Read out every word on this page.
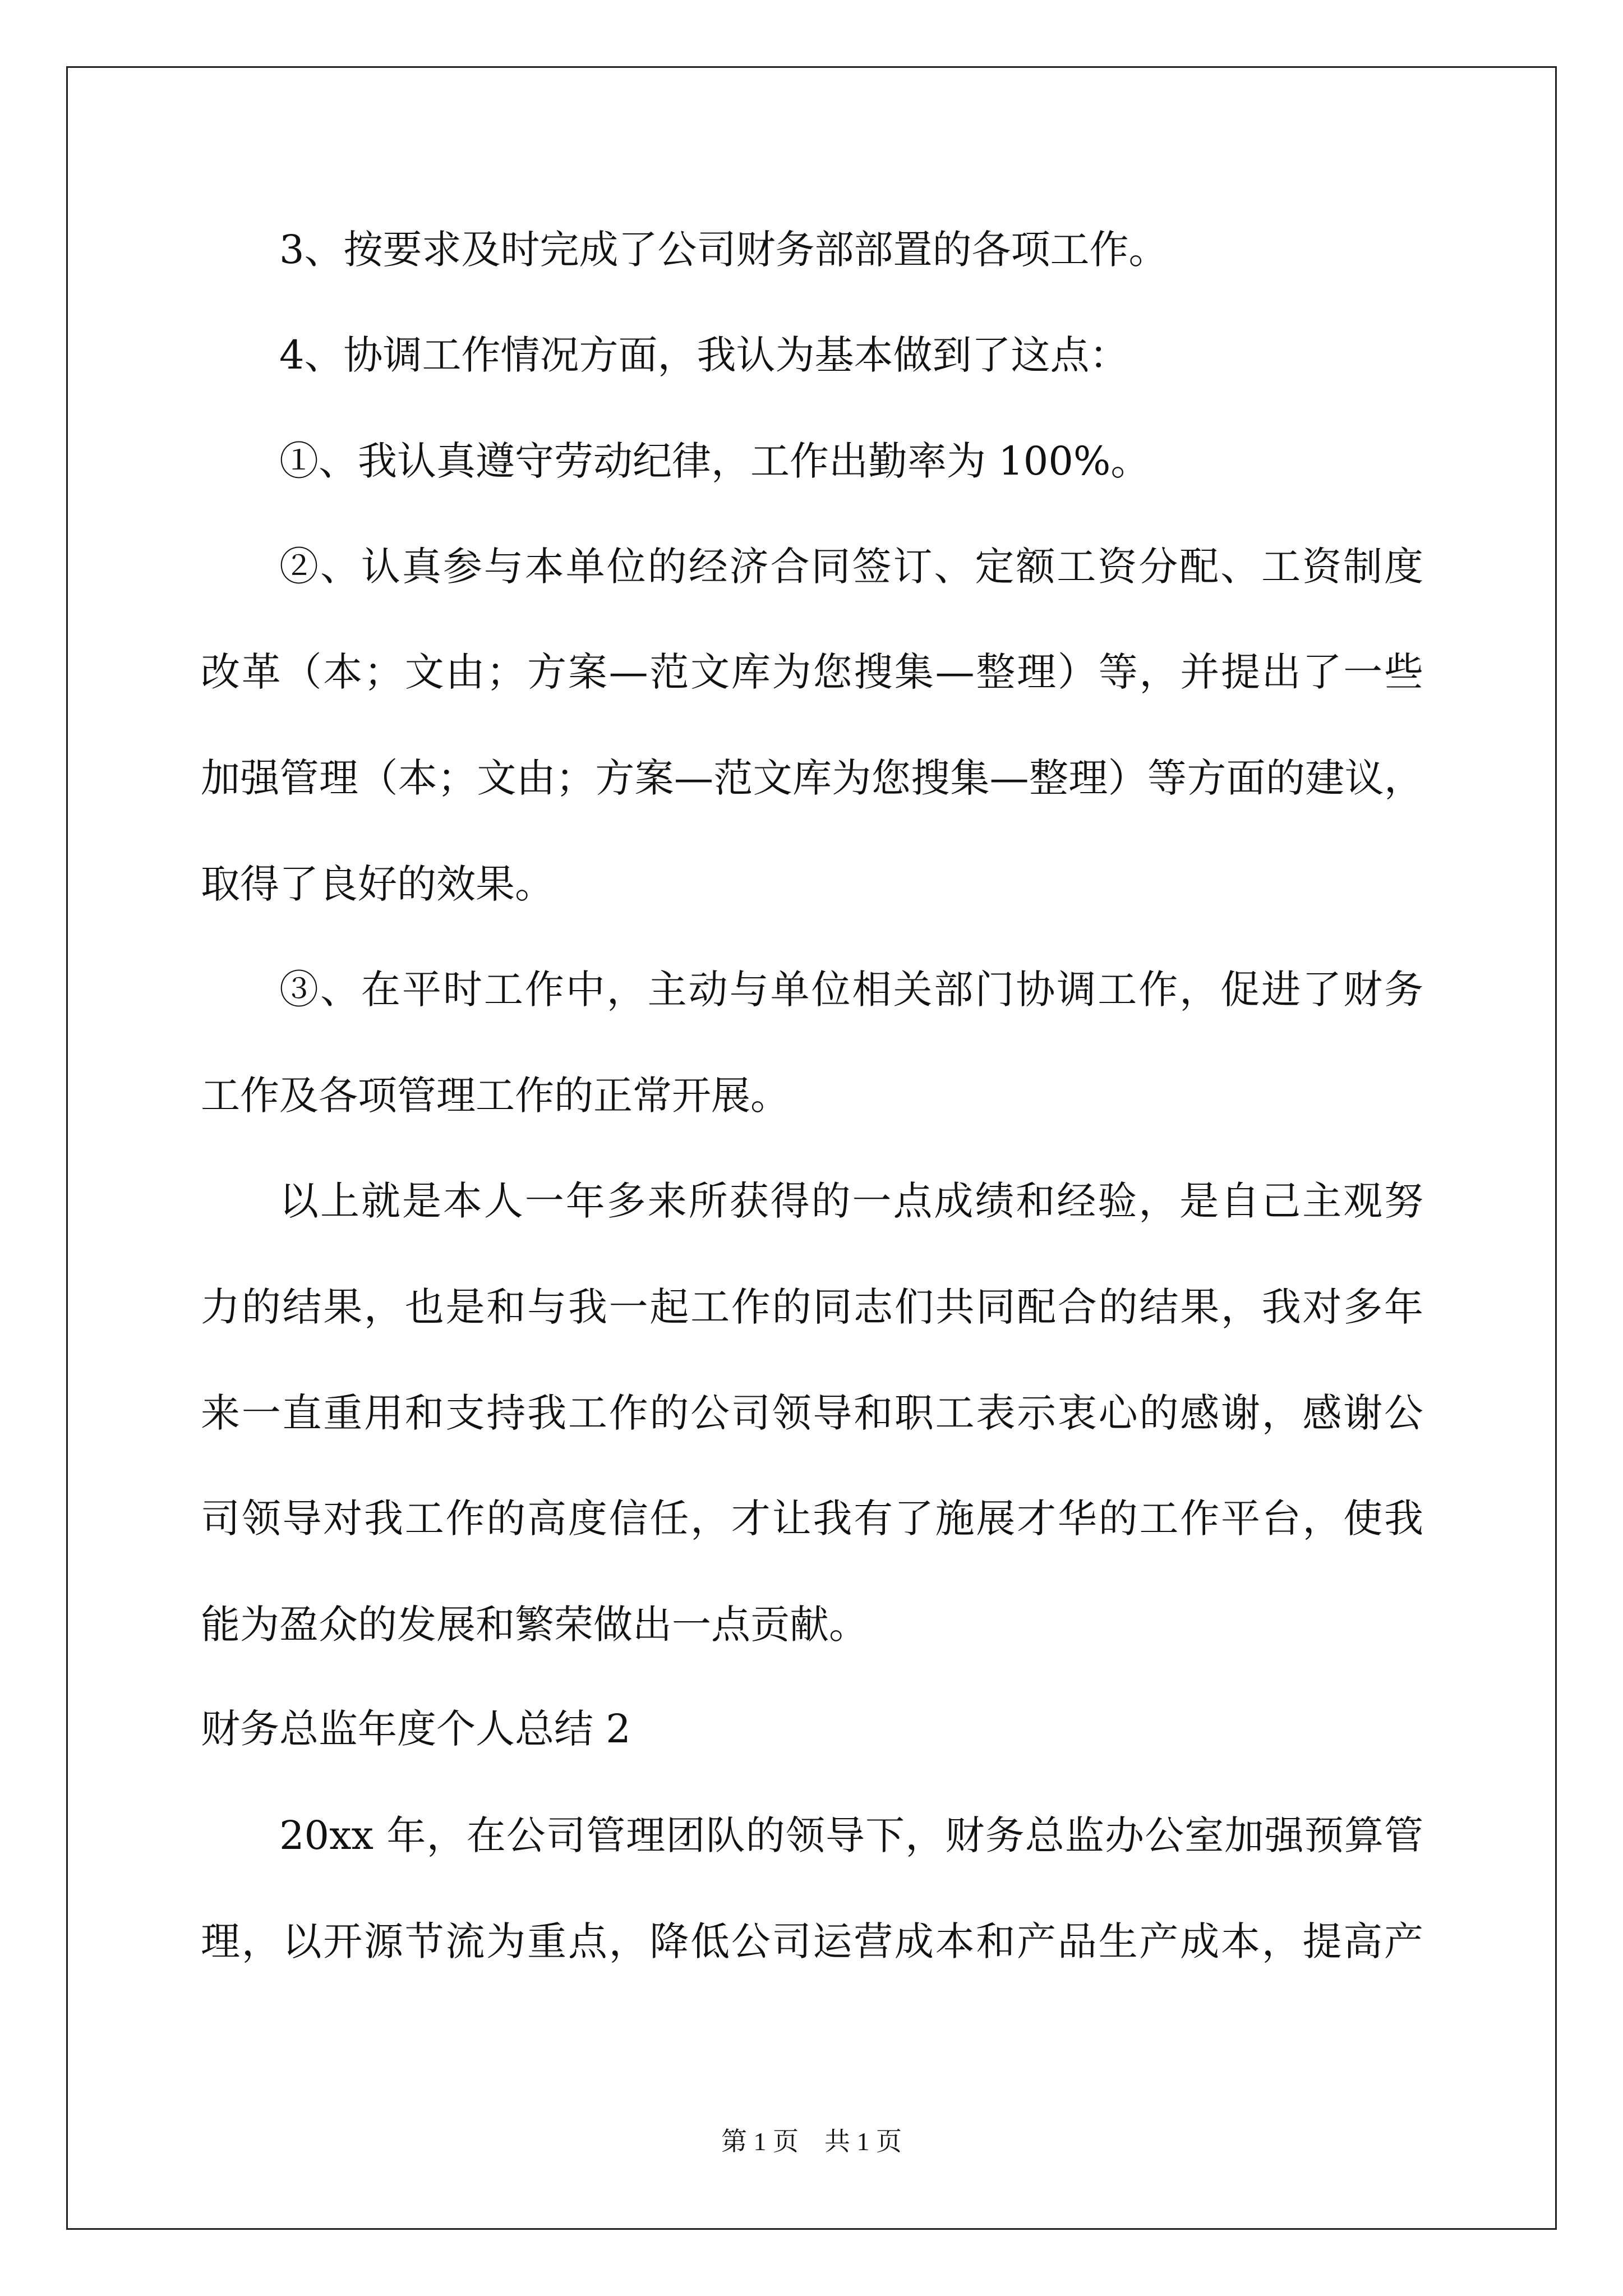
3、按要求及时完成了公司财务部部置的各项工作。
4、协调工作情况方面，我认为基本做到了这点：
①、我认真遵守劳动纪律，工作出勤率为 100%。
②、认真参与本单位的经济合同签订、定额工资分配、工资制度
改革（本；文由；方案—范文库为您搜集—整理）等，并提出了一些
加强管理（本；文由；方案—范文库为您搜集—整理）等方面的建议，
取得了良好的效果。
③、在平时工作中，主动与单位相关部门协调工作，促进了财务
工作及各项管理工作的正常开展。
以上就是本人一年多来所获得的一点成绩和经验，是自己主观努
力的结果，也是和与我一起工作的同志们共同配合的结果，我对多年
来一直重用和支持我工作的公司领导和职工表示衷心的感谢，感谢公
司领导对我工作的高度信任，才让我有了施展才华的工作平台，使我
能为盈众的发展和繁荣做出一点贡献。
财务总监年度个人总结 2
20xx 年，在公司管理团队的领导下，财务总监办公室加强预算管
理，以开源节流为重点，降低公司运营成本和产品生产成本，提高产
第 1 页　共 1 页
